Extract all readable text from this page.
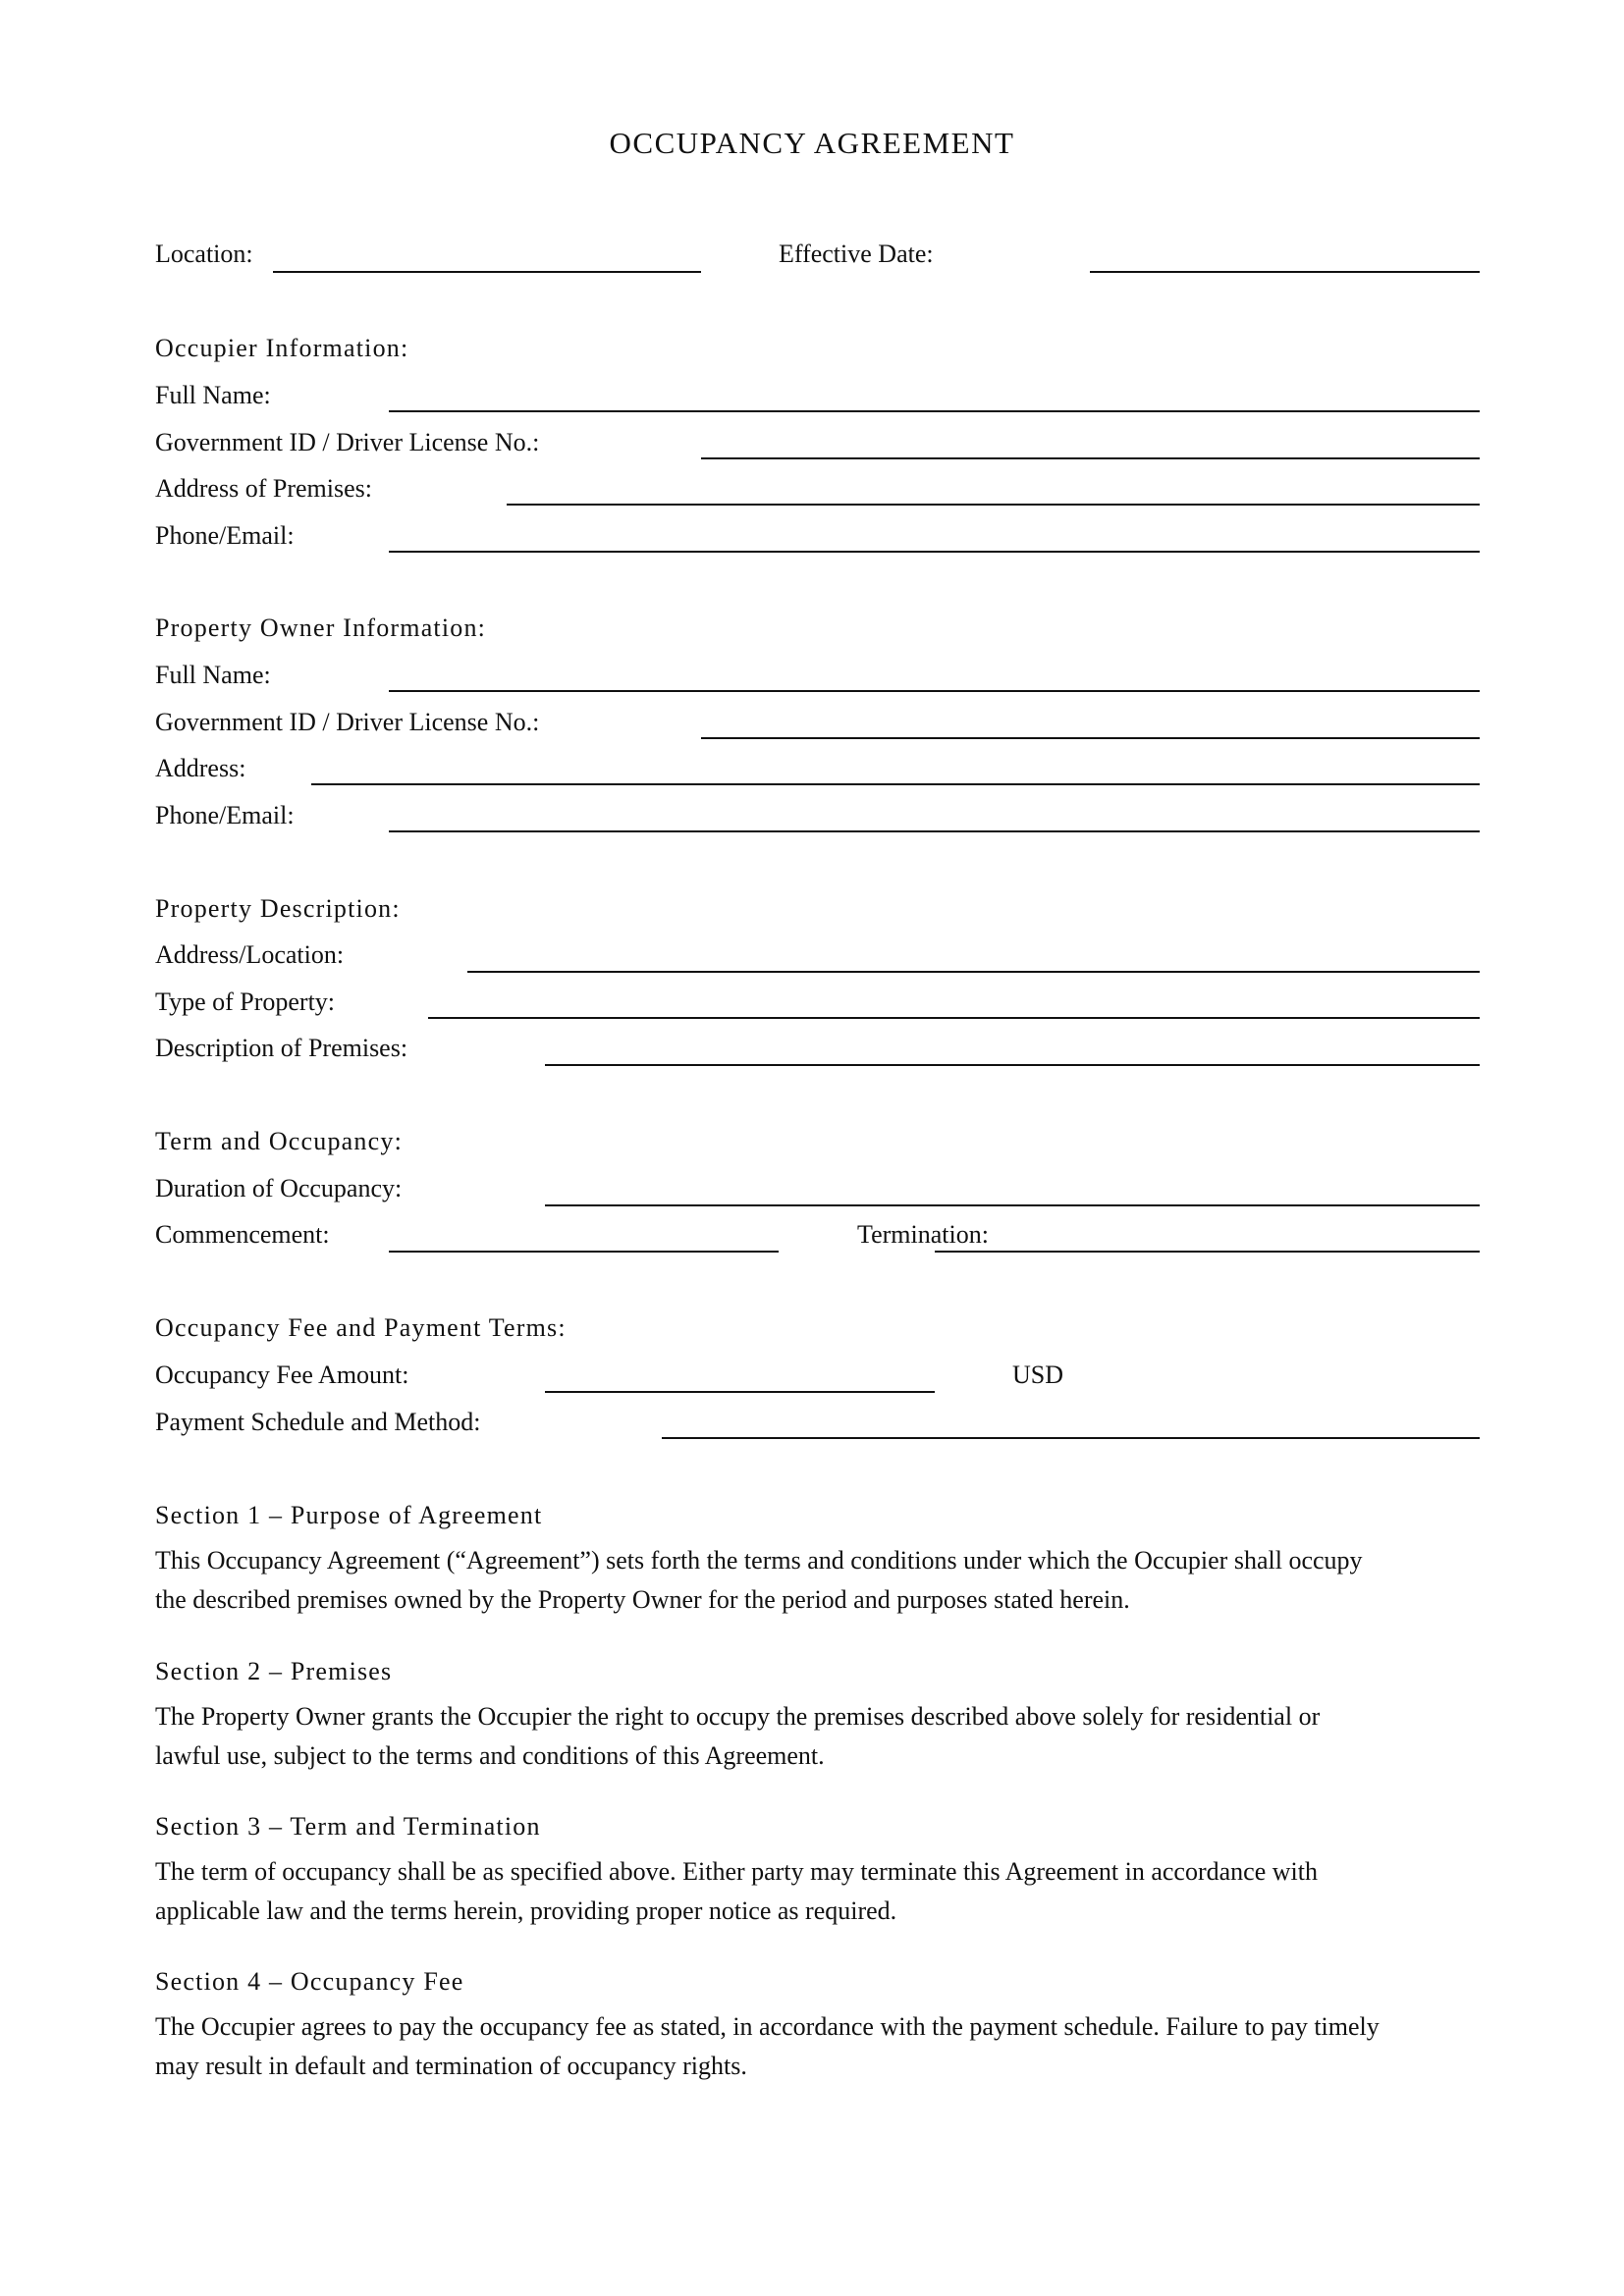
OCCUPANCY AGREEMENT
Location:	Effective Date:
Occupier Information:
Full Name:
Government ID / Driver License No.:
Address of Premises:
Phone/Email:
Property Owner Information:
Full Name:
Government ID / Driver License No.:
Address:
Phone/Email:
Property Description:
Address/Location:
Type of Property:
Description of Premises:
Term and Occupancy:
Duration of Occupancy:
Commencement:	Termination:
Occupancy Fee and Payment Terms:
Occupancy Fee Amount:	USD
Payment Schedule and Method:
Section 1 – Purpose of Agreement
This Occupancy Agreement (“Agreement”) sets forth the terms and conditions under which the Occupier shall occupy
the described premises owned by the Property Owner for the period and purposes stated herein.
Section 2 – Premises
The Property Owner grants the Occupier the right to occupy the premises described above solely for residential or
lawful use, subject to the terms and conditions of this Agreement.
Section 3 – Term and Termination
The term of occupancy shall be as specified above. Either party may terminate this Agreement in accordance with
applicable law and the terms herein, providing proper notice as required.
Section 4 – Occupancy Fee
The Occupier agrees to pay the occupancy fee as stated, in accordance with the payment schedule. Failure to pay timely
may result in default and termination of occupancy rights.
